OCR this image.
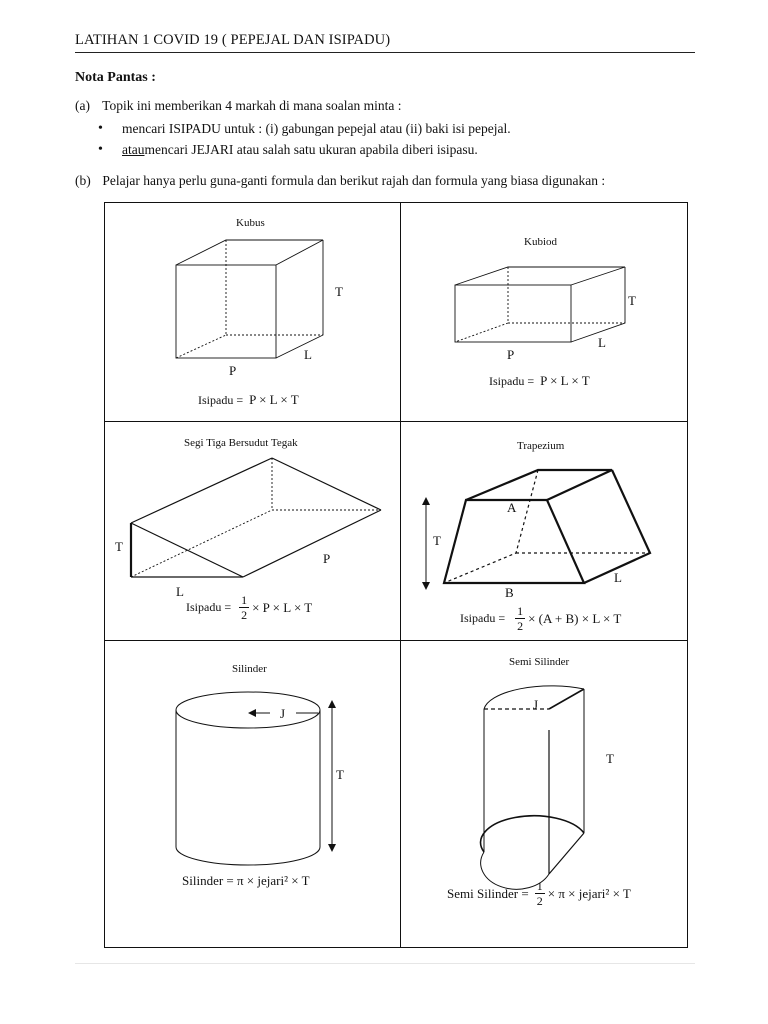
LATIHAN 1 COVID 19 ( PEPEJAL DAN ISIPADU)
Nota Pantas :
(a) Topik ini memberikan 4 markah di mana soalan minta :
•	mencari ISIPADU untuk : (i) gabungan pepejal atau (ii) baki isi pepejal.
•	atau mencari JEJARI atau salah satu ukuran apabila diberi isipasu.
(b) Pelajar hanya perlu guna-ganti formula dan berikut rajah dan formula yang biasa digunakan :
Kubus
Kubiod
Segi Tiga Bersudut Tegak	Trapezium
Silinder
Semi Silinder
T
L
P
T
L
P
T
P
L
A
T
B
L
J
T
J
T
Isipadu = P × L × T
Isipadu = P × L × T
Isipadu = $\frac{1}{2} \times P \times L \times T$
Isipadu = $\frac{1}{2} \times (A + B) \times L \times T$
Silinder = π × jejari² × T
Semi Silinder = $\frac{1}{2} \times \pi$ × jejari² × T
